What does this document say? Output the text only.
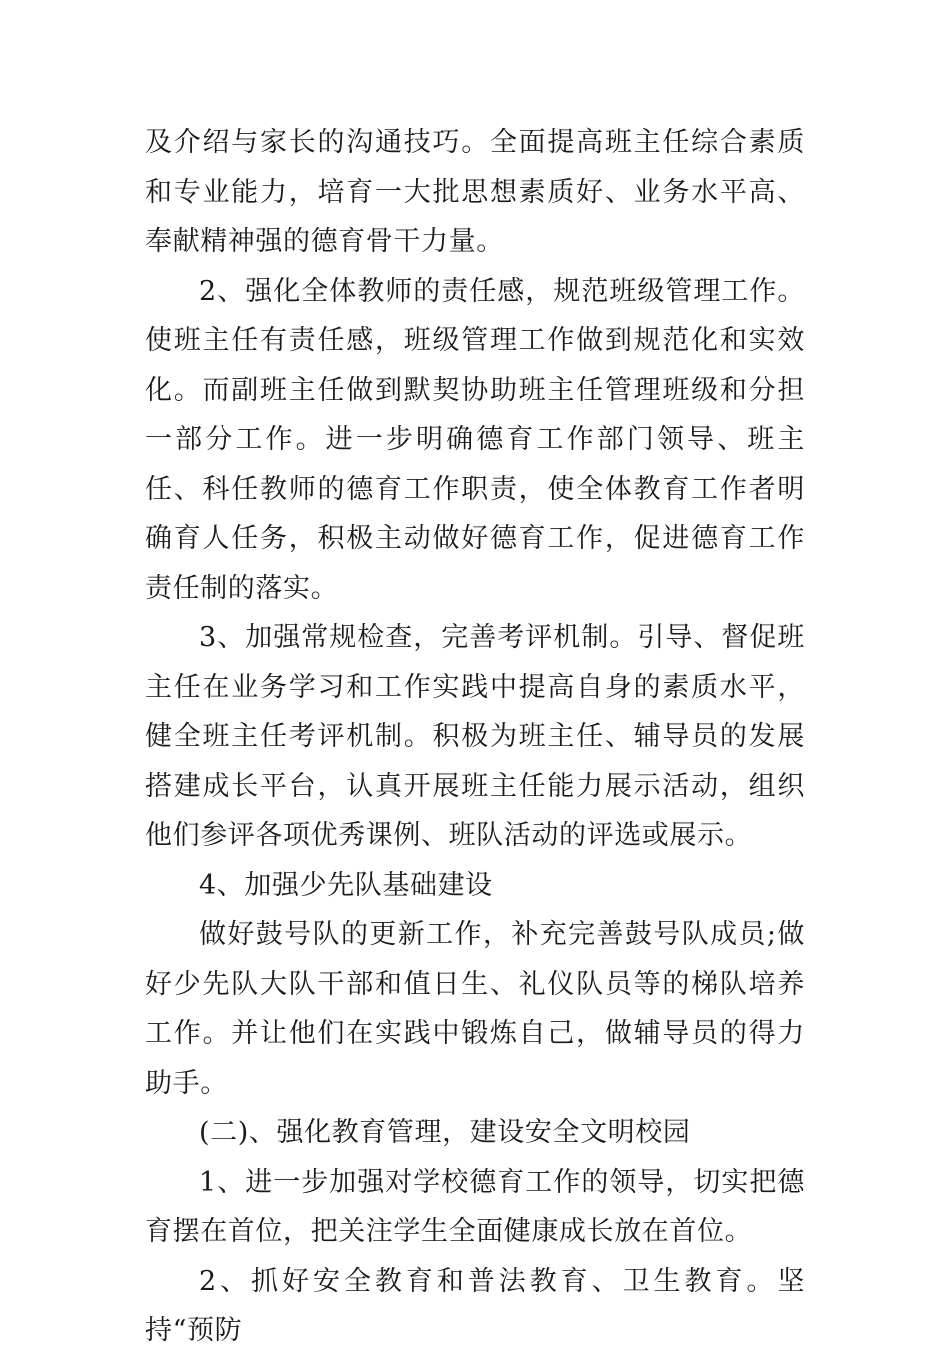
及介绍与家长的沟通技巧。全面提高班主任综合素质和专业能力，培育一大批思想素质好、业务水平高、奉献精神强的德育骨干力量。

2、强化全体教师的责任感，规范班级管理工作。使班主任有责任感，班级管理工作做到规范化和实效化。而副班主任做到默契协助班主任管理班级和分担一部分工作。进一步明确德育工作部门领导、班主任、科任教师的德育工作职责，使全体教育工作者明确育人任务，积极主动做好德育工作，促进德育工作责任制的落实。

3、加强常规检查，完善考评机制。引导、督促班主任在业务学习和工作实践中提高自身的素质水平，健全班主任考评机制。积极为班主任、辅导员的发展搭建成长平台，认真开展班主任能力展示活动，组织他们参评各项优秀课例、班队活动的评选或展示。

4、加强少先队基础建设

做好鼓号队的更新工作，补充完善鼓号队成员;做好少先队大队干部和值日生、礼仪队员等的梯队培养工作。并让他们在实践中锻炼自己，做辅导员的得力助手。

(二)、强化教育管理，建设安全文明校园

1、进一步加强对学校德育工作的领导，切实把德育摆在首位，把关注学生全面健康成长放在首位。

2、抓好安全教育和普法教育、卫生教育。坚持“预防
